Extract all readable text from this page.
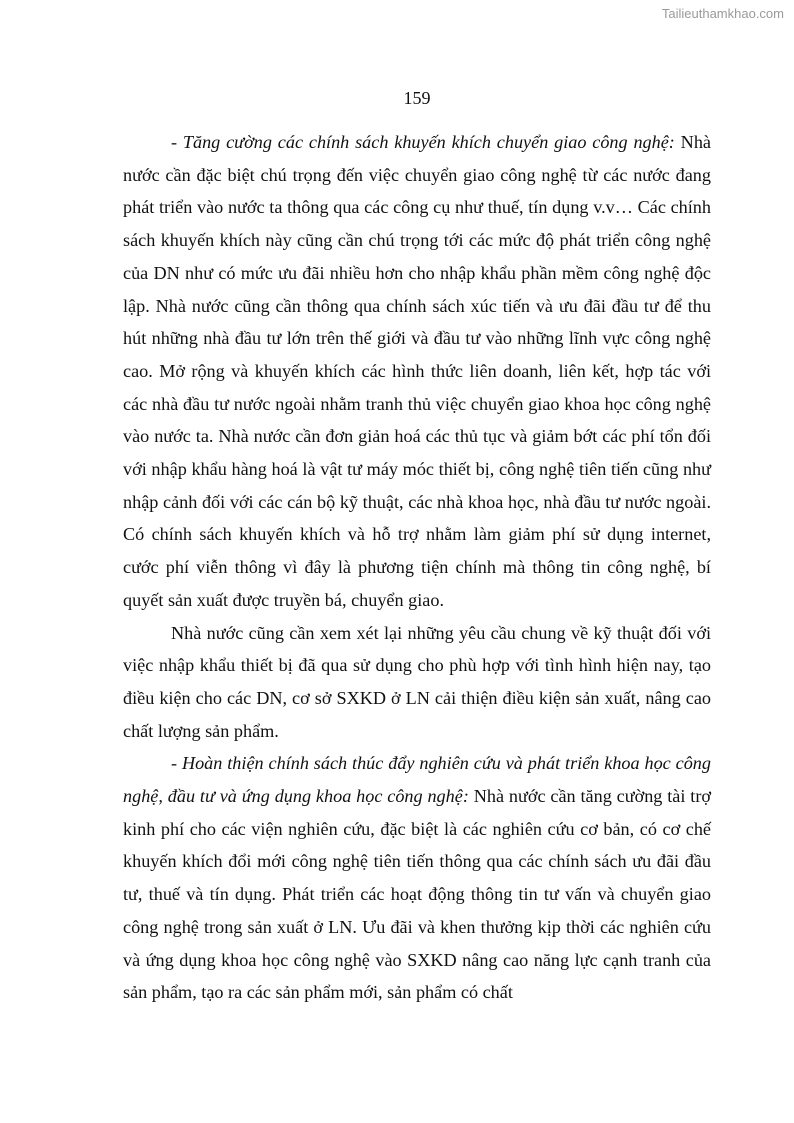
Tailieuthamkhao.com
159

- Tăng cường các chính sách khuyến khích chuyển giao công nghệ: Nhà nước cần đặc biệt chú trọng đến việc chuyển giao công nghệ từ các nước đang phát triển vào nước ta thông qua các công cụ như thuế, tín dụng v.v… Các chính sách khuyến khích này cũng cần chú trọng tới các mức độ phát triển công nghệ của DN như có mức ưu đãi nhiều hơn cho nhập khẩu phần mềm công nghệ độc lập. Nhà nước cũng cần thông qua chính sách xúc tiến và ưu đãi đầu tư để thu hút những nhà đầu tư lớn trên thế giới và đầu tư vào những lĩnh vực công nghệ cao. Mở rộng và khuyến khích các hình thức liên doanh, liên kết, hợp tác với các nhà đầu tư nước ngoài nhằm tranh thủ việc chuyển giao khoa học công nghệ vào nước ta. Nhà nước cần đơn giản hoá các thủ tục và giảm bớt các phí tổn đối với nhập khẩu hàng hoá là vật tư máy móc thiết bị, công nghệ tiên tiến cũng như nhập cảnh đối với các cán bộ kỹ thuật, các nhà khoa học, nhà đầu tư nước ngoài. Có chính sách khuyến khích và hỗ trợ nhằm làm giảm phí sử dụng internet, cước phí viễn thông vì đây là phương tiện chính mà thông tin công nghệ, bí quyết sản xuất được truyền bá, chuyển giao.

Nhà nước cũng cần xem xét lại những yêu cầu chung về kỹ thuật đối với việc nhập khẩu thiết bị đã qua sử dụng cho phù hợp với tình hình hiện nay, tạo điều kiện cho các DN, cơ sở SXKD ở LN cải thiện điều kiện sản xuất, nâng cao chất lượng sản phẩm.

- Hoàn thiện chính sách thúc đẩy nghiên cứu và phát triển khoa học công nghệ, đầu tư và ứng dụng khoa học công nghệ: Nhà nước cần tăng cường tài trợ kinh phí cho các viện nghiên cứu, đặc biệt là các nghiên cứu cơ bản, có cơ chế khuyến khích đổi mới công nghệ tiên tiến thông qua các chính sách ưu đãi đầu tư, thuế và tín dụng. Phát triển các hoạt động thông tin tư vấn và chuyển giao công nghệ trong sản xuất ở LN. Ưu đãi và khen thưởng kịp thời các nghiên cứu và ứng dụng khoa học công nghệ vào SXKD nâng cao năng lực cạnh tranh của sản phẩm, tạo ra các sản phẩm mới, sản phẩm có chất
